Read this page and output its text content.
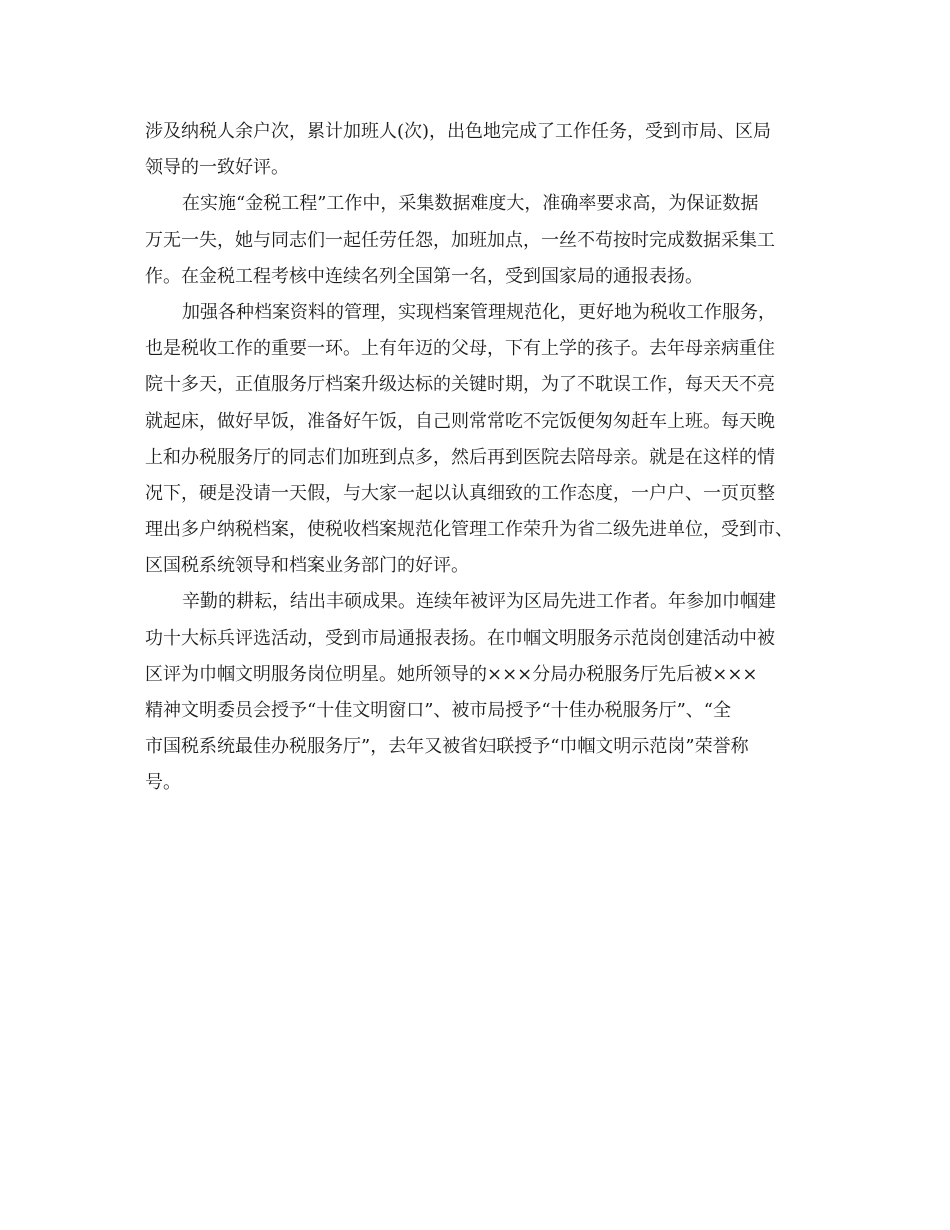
涉及纳税人余户次，累计加班人(次)，出色地完成了工作任务，受到市局、区局
领导的一致好评。

在实施“金税工程”工作中，采集数据难度大，准确率要求高，为保证数据
万无一失，她与同志们一起任劳任怨，加班加点，一丝不苟按时完成数据采集工
作。在金税工程考核中连续名列全国第一名，受到国家局的通报表扬。

加强各种档案资料的管理，实现档案管理规范化，更好地为税收工作服务，
也是税收工作的重要一环。上有年迈的父母，下有上学的孩子。去年母亲病重住
院十多天，正值服务厅档案升级达标的关键时期，为了不耽误工作，每天天不亮
就起床，做好早饭，准备好午饭，自己则常常吃不完饭便匆匆赶车上班。每天晚
上和办税服务厅的同志们加班到点多，然后再到医院去陪母亲。就是在这样的情
况下，硬是没请一天假，与大家一起以认真细致的工作态度，一户户、一页页整
理出多户纳税档案，使税收档案规范化管理工作荣升为省二级先进单位，受到市、
区国税系统领导和档案业务部门的好评。

辛勤的耕耘，结出丰硕成果。连续年被评为区局先进工作者。年参加巾帼建
功十大标兵评选活动，受到市局通报表扬。在巾帼文明服务示范岗创建活动中被
区评为巾帼文明服务岗位明星。她所领导的×××分局办税服务厅先后被×××
精神文明委员会授予“十佳文明窗口”、被市局授予“十佳办税服务厅”、“全
市国税系统最佳办税服务厅”，去年又被省妇联授予“巾帼文明示范岗”荣誉称
号。
